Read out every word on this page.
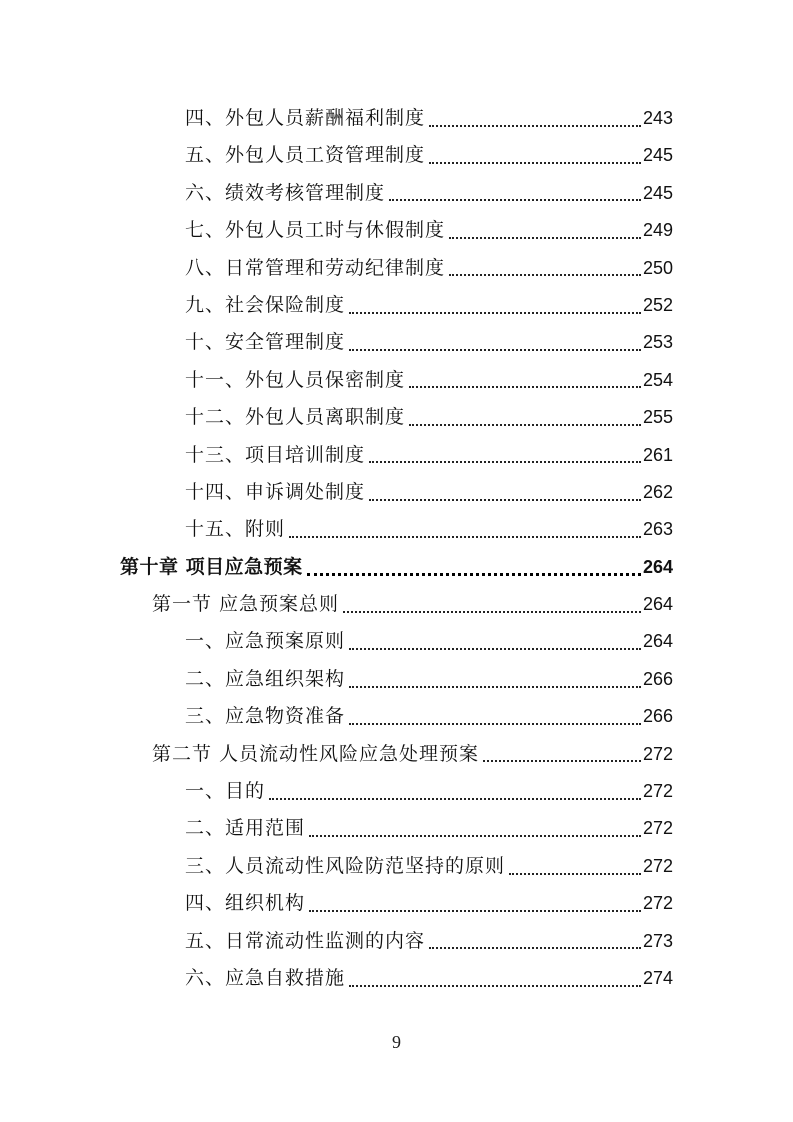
四、外包人员薪酬福利制度	243
五、外包人员工资管理制度	245
六、绩效考核管理制度	245
七、外包人员工时与休假制度	249
八、日常管理和劳动纪律制度	250
九、社会保险制度	252
十、安全管理制度	253
十一、外包人员保密制度	254
十二、外包人员离职制度	255
十三、项目培训制度	261
十四、申诉调处制度	262
十五、附则	263
第十章 项目应急预案	264
第一节 应急预案总则	264
一、应急预案原则	264
二、应急组织架构	266
三、应急物资准备	266
第二节 人员流动性风险应急处理预案	272
一、目的	272
二、适用范围	272
三、人员流动性风险防范坚持的原则	272
四、组织机构	272
五、日常流动性监测的内容	273
六、应急自救措施	274
9
